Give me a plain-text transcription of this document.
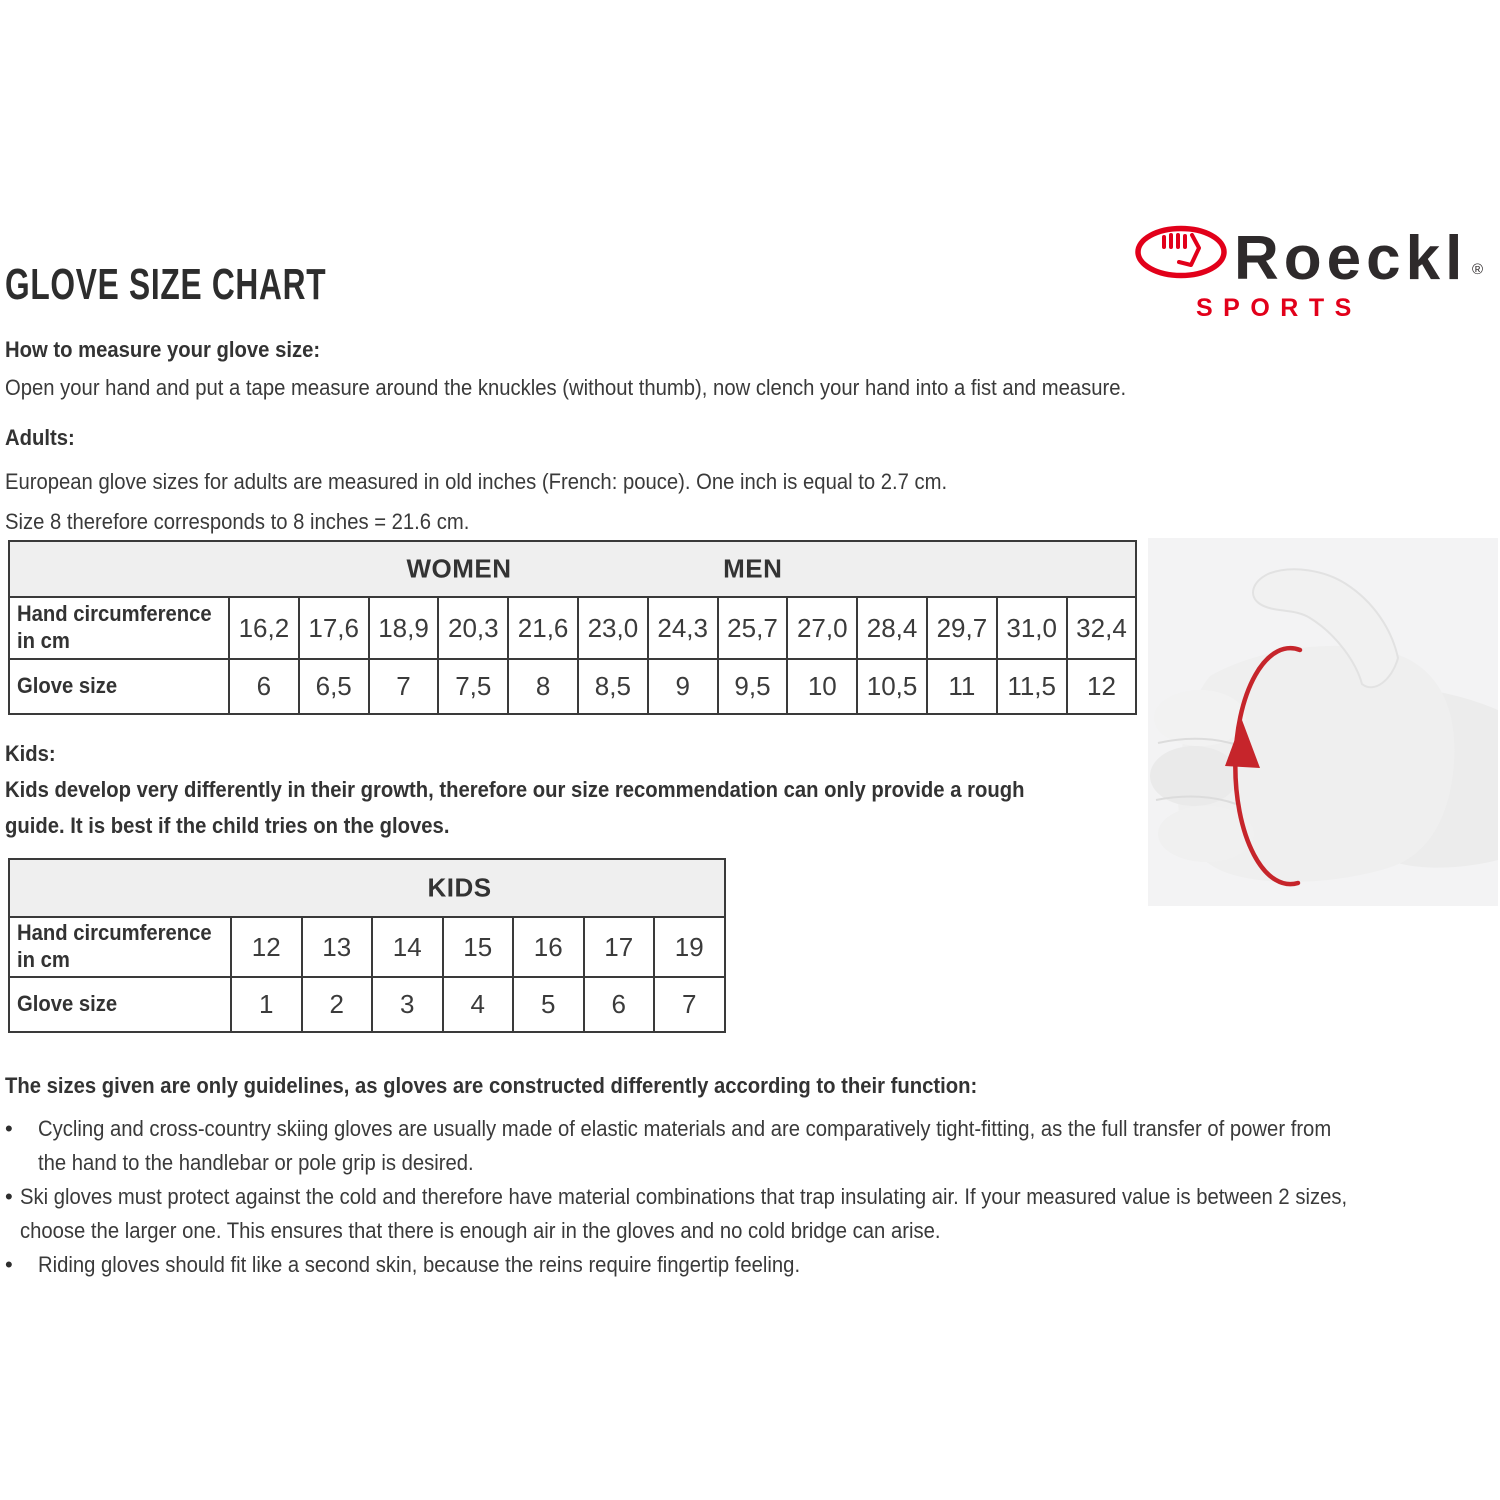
GLOVE SIZE CHART	Roeckl ®
SPORTS
How to measure your glove size:
Open your hand and put a tape measure around the knuckles (without thumb), now clench your hand into a fist and measure.
Adults:
European glove sizes for adults are measured in old inches (French: pouce). One inch is equal to 2.7 cm.
Size 8 therefore corresponds to 8 inches = 21.6 cm.
WOMEN MEN													

Hand circumference in cm	16,2	17,6	18,9	20,3	21,6	23,0	24,3	25,7	27,0	28,4	29,7	31,0	32,4
Glove size	6	6,5	7	7,5	8	8,5	9	9,5	10	10,5	11	11,5	12
Kids:
Kids develop very differently in their growth, therefore our size recommendation can only provide a rough
guide. It is best if the child tries on the gloves.
KIDS							

Hand circumference in cm	12	13	14	15	16	17	19
Glove size	1	2	3	4	5	6	7
The sizes given are only guidelines, as gloves are constructed differently according to their function:
•	Cycling and cross-country skiing gloves are usually made of elastic materials and are comparatively tight-fitting, as the full transfer of power from
the hand to the handlebar or pole grip is desired.
• Ski gloves must protect against the cold and therefore have material combinations that trap insulating air. If your measured value is between 2 sizes,
choose the larger one. This ensures that there is enough air in the gloves and no cold bridge can arise.
•	Riding gloves should fit like a second skin, because the reins require fingertip feeling.
